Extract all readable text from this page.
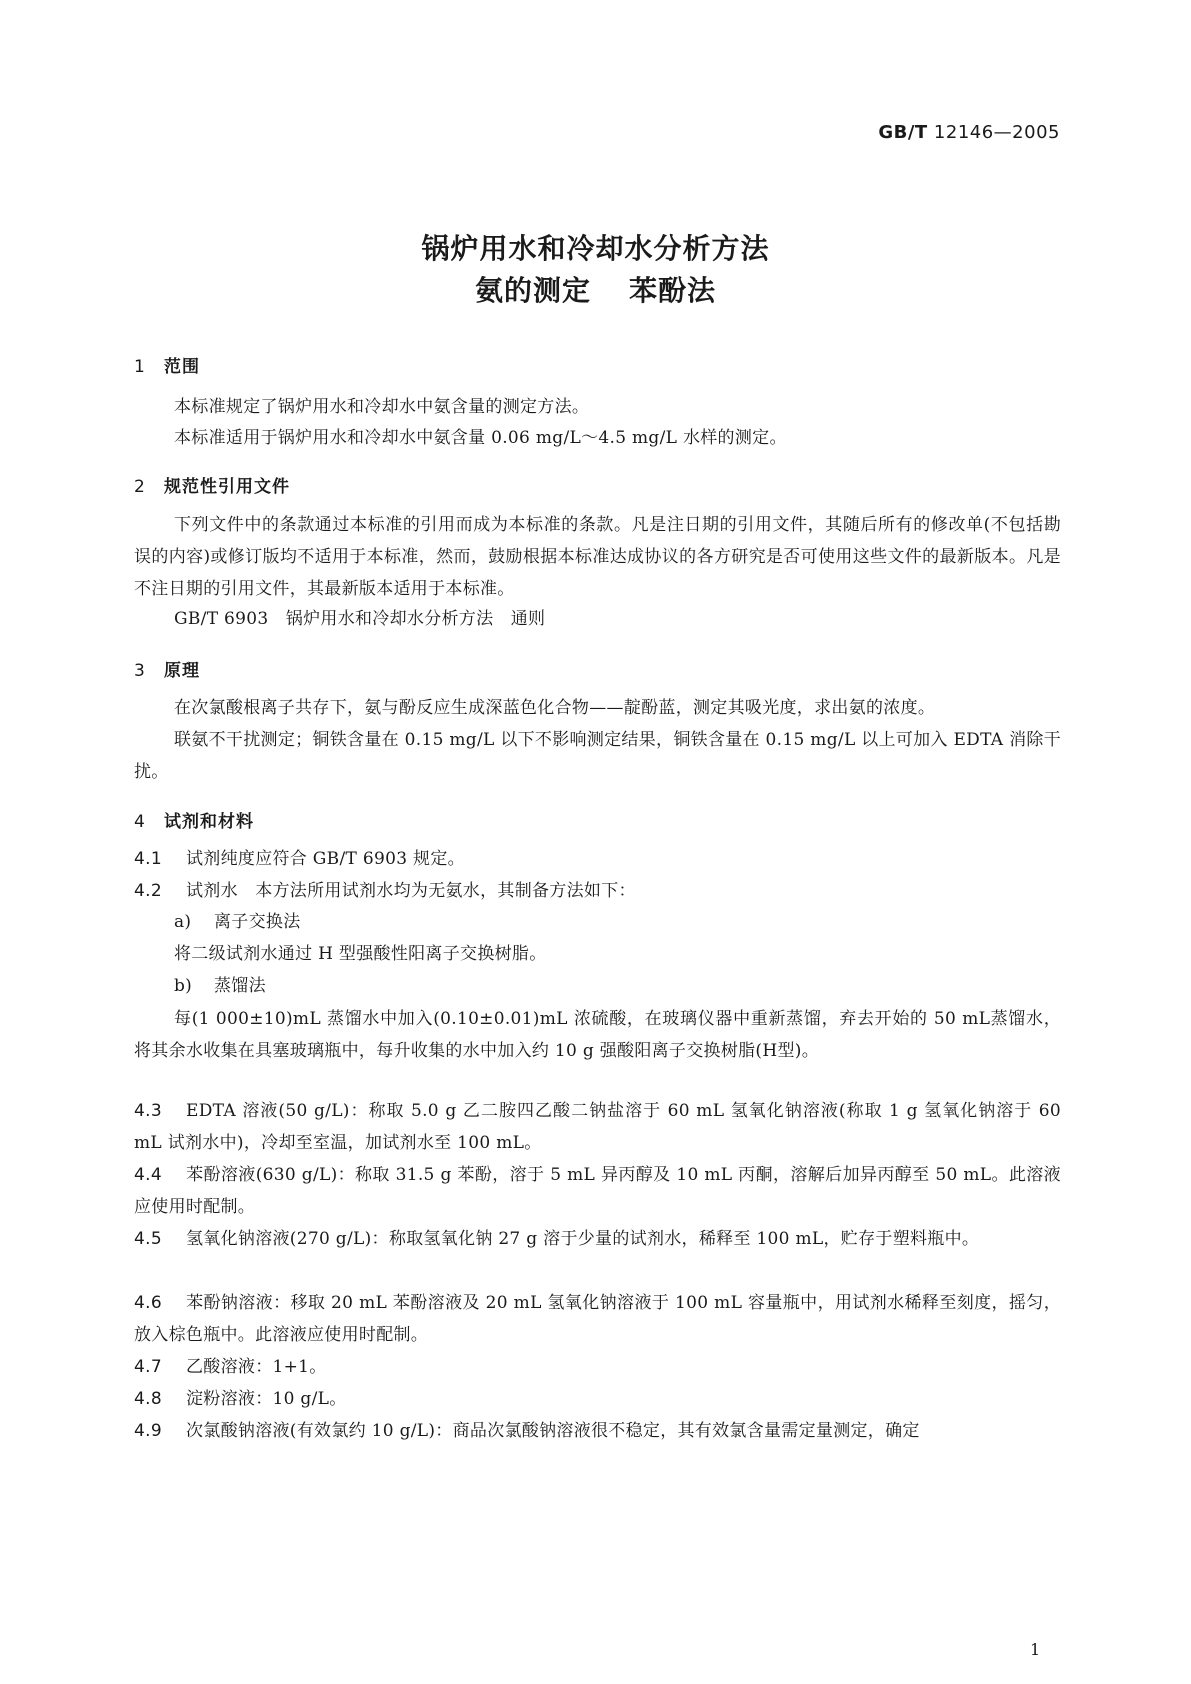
GB/T 12146—2005
锅炉用水和冷却水分析方法
氨的测定 苯酚法
1 范围
本标准规定了锅炉用水和冷却水中氨含量的测定方法。
本标准适用于锅炉用水和冷却水中氨含量 0.06 mg/L～4.5 mg/L 水样的测定。
2 规范性引用文件
下列文件中的条款通过本标准的引用而成为本标准的条款。凡是注日期的引用文件，其随后所有的修改单(不包括勘误的内容)或修订版均不适用于本标准，然而，鼓励根据本标准达成协议的各方研究是否可使用这些文件的最新版本。凡是不注日期的引用文件，其最新版本适用于本标准。
GB/T 6903　锅炉用水和冷却水分析方法　通则
3 原理
在次氯酸根离子共存下，氨与酚反应生成深蓝色化合物——靛酚蓝，测定其吸光度，求出氨的浓度。
联氨不干扰测定；铜铁含量在 0.15 mg/L 以下不影响测定结果，铜铁含量在 0.15 mg/L 以上可加入 EDTA 消除干扰。
4 试剂和材料
4.1 试剂纯度应符合 GB/T 6903 规定。
4.2 试剂水　本方法所用试剂水均为无氨水，其制备方法如下：
a) 离子交换法
将二级试剂水通过 H 型强酸性阳离子交换树脂。
b) 蒸馏法
每(1 000±10)mL 蒸馏水中加入(0.10±0.01)mL 浓硫酸，在玻璃仪器中重新蒸馏，弃去开始的 50 mL蒸馏水，将其余水收集在具塞玻璃瓶中，每升收集的水中加入约 10 g 强酸阳离子交换树脂(H型)。
4.3 EDTA 溶液(50 g/L)：称取 5.0 g 乙二胺四乙酸二钠盐溶于 60 mL 氢氧化钠溶液(称取 1 g 氢氧化钠溶于 60 mL 试剂水中)，冷却至室温，加试剂水至 100 mL。
4.4 苯酚溶液(630 g/L)：称取 31.5 g 苯酚，溶于 5 mL 异丙醇及 10 mL 丙酮，溶解后加异丙醇至 50 mL。此溶液应使用时配制。
4.5 氢氧化钠溶液(270 g/L)：称取氢氧化钠 27 g 溶于少量的试剂水，稀释至 100 mL，贮存于塑料瓶中。
4.6 苯酚钠溶液：移取 20 mL 苯酚溶液及 20 mL 氢氧化钠溶液于 100 mL 容量瓶中，用试剂水稀释至刻度，摇匀，放入棕色瓶中。此溶液应使用时配制。
4.7 乙酸溶液：1+1。
4.8 淀粉溶液：10 g/L。
4.9 次氯酸钠溶液(有效氯约 10 g/L)：商品次氯酸钠溶液很不稳定，其有效氯含量需定量测定，确定
1
